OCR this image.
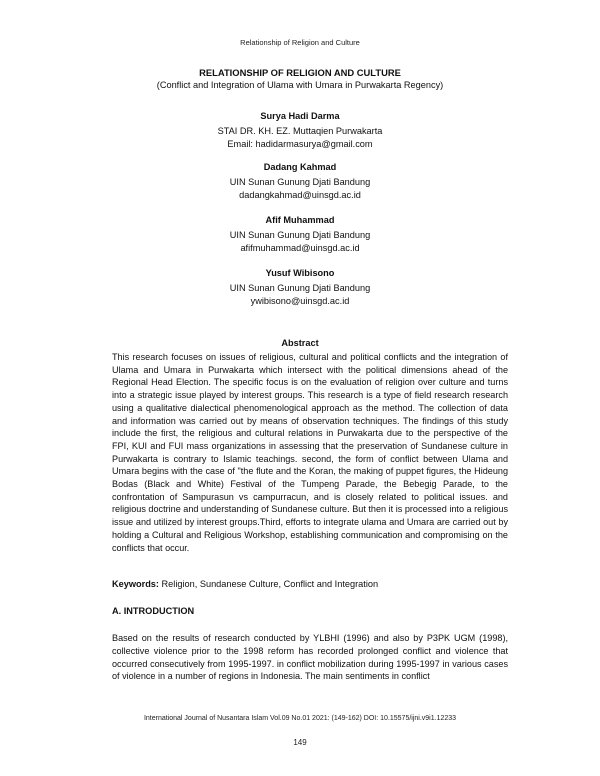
Relationship of Religion and Culture

RELATIONSHIP OF RELIGION AND CULTURE

(Conflict and Integration of Ulama with Umara in Purwakarta Regency)

Surya Hadi Darma
STAI DR. KH. EZ. Muttaqien Purwakarta
Email: hadidarmasurya@gmail.com
Dadang Kahmad
UIN Sunan Gunung Djati Bandung
dadangkahmad@uinsgd.ac.id
Afif Muhammad
UIN Sunan Gunung Djati Bandung
afifmuhammad@uinsgd.ac.id
Yusuf Wibisono
UIN Sunan Gunung Djati Bandung
ywibisono@uinsgd.ac.id
Abstract

This research focuses on issues of religious, cultural and political conflicts and the integration of Ulama and Umara in Purwakarta which intersect with the political dimensions ahead of the Regional Head Election. The specific focus is on the evaluation of religion over culture and turns into a strategic issue played by interest groups. This research is a type of field research research using a qualitative dialectical phenomenological approach as the method. The collection of data and information was carried out by means of observation techniques. The findings of this study include the first, the religious and cultural relations in Purwakarta due to the perspective of the FPI, KUI and FUI mass organizations in assessing that the preservation of Sundanese culture in Purwakarta is contrary to Islamic teachings. second, the form of conflict between Ulama and Umara begins with the case of "the flute and the Koran, the making of puppet figures, the Hideung Bodas (Black and White) Festival of the Tumpeng Parade, the Bebegig Parade, to the confrontation of Sampurasun vs campurracun, and is closely related to political issues. and religious doctrine and understanding of Sundanese culture. But then it is processed into a religious issue and utilized by interest groups.Third, efforts to integrate ulama and Umara are carried out by holding a Cultural and Religious Workshop, establishing communication and compromising on the conflicts that occur.

Keywords: Religion, Sundanese Culture, Conflict and Integration

A. INTRODUCTION

Based on the results of research conducted by YLBHI (1996) and also by P3PK UGM (1998), collective violence prior to the 1998 reform has recorded prolonged conflict and violence that occurred consecutively from 1995-1997. in conflict mobilization during 1995-1997 in various cases of violence in a number of regions in Indonesia. The main sentiments in conflict

International Journal of Nusantara Islam Vol.09 No.01 2021: (149-162) DOI: 10.15575/ijni.v9i1.12233
149
